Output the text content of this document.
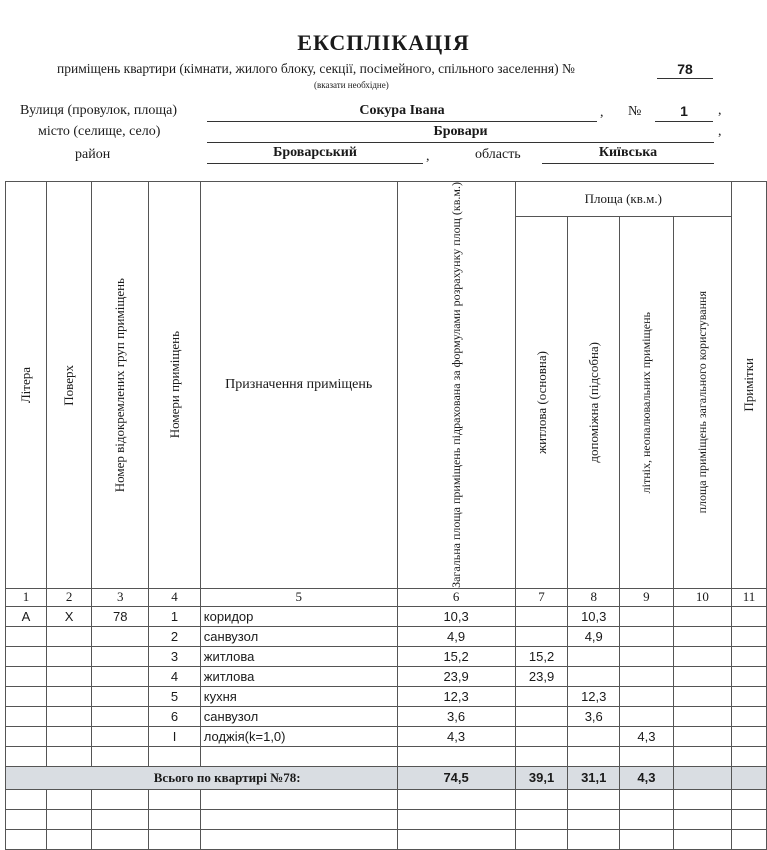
ЕКСПЛІКАЦІЯ
приміщень квартири (кімнати, жилого блоку, секції, посімейного, спільного заселення) №	78
(вказати необхідне)
Вулиця (провулок, площа)	Сокура Івана	, №	1	,
місто (селище, село)	Бровари	,
район	Броварський	,	область	Київська
Літера	Поверх	Номер відокремлених груп приміщень	Номери приміщень	Призначення приміщень	Загальна площа приміщень підрахована за формулами розрахунку площ (кв.м.)	Площа (кв.м.)				Примітки

						житлова (основна)	допоміжна (підсобна)	літніх, неопалювальних приміщень	площа приміщень загального користування	

1	2	3	4	5	6	7	8	9	10	11
А	Х	78	1	коридор	10,3		10,3			
			2	санвузол	4,9		4,9			
			3	житлова	15,2	15,2				
			4	житлова	23,9	23,9				
			5	кухня	12,3		12,3			
			6	санвузол	3,6		3,6			
			I	лоджія(k=1,0)	4,3			4,3		

Всього по квартирі №78:					74,5	39,1	31,1	4,3		
